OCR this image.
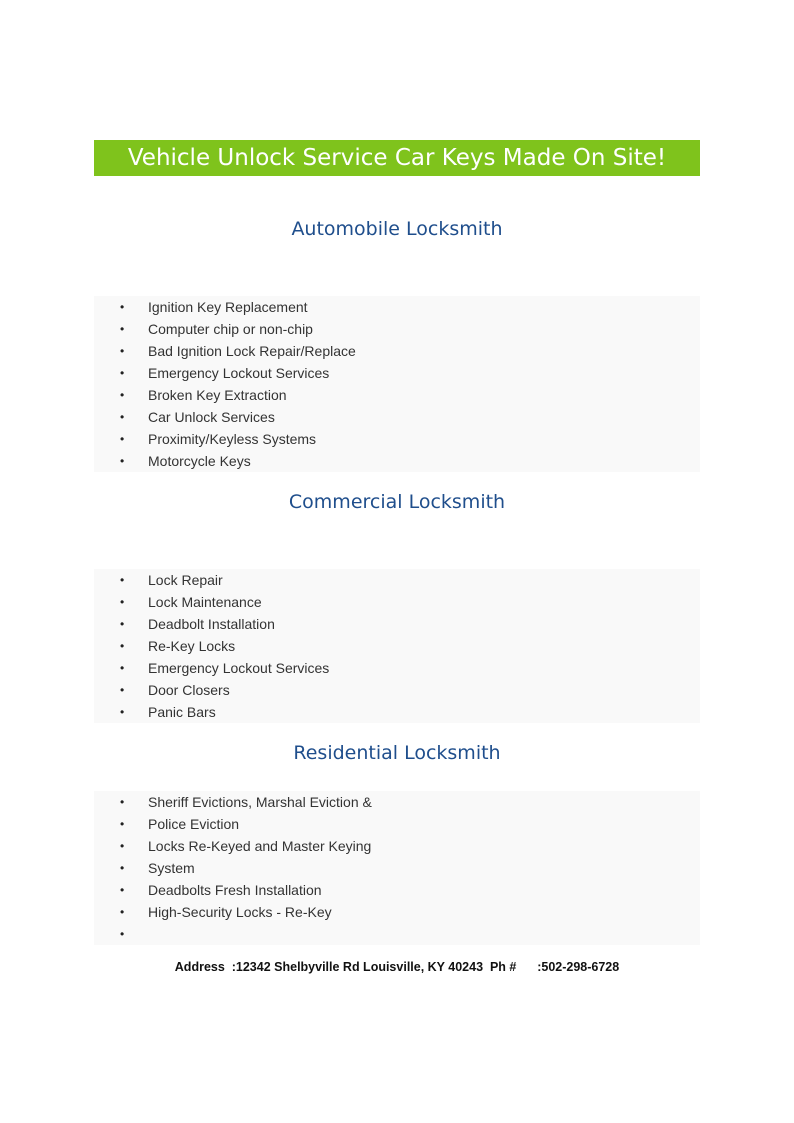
Vehicle Unlock Service Car Keys Made On Site!
Automobile Locksmith
• Ignition Key Replacement
• Computer chip or non-chip
• Bad Ignition Lock Repair/Replace
• Emergency Lockout Services
• Broken Key Extraction
• Car Unlock Services
• Proximity/Keyless Systems
• Motorcycle Keys
Commercial Locksmith
• Lock Repair
• Lock Maintenance
• Deadbolt Installation
• Re-Key Locks
• Emergency Lockout Services
• Door Closers
• Panic Bars
Residential Locksmith
• Sheriff Evictions, Marshal Eviction &
• Police Eviction
• Locks Re-Keyed and Master Keying
• System
• Deadbolts Fresh Installation
• High-Security Locks - Re-Key
•
Address  :12342 Shelbyville Rd Louisville, KY 40243  Ph #      :502-298-6728
